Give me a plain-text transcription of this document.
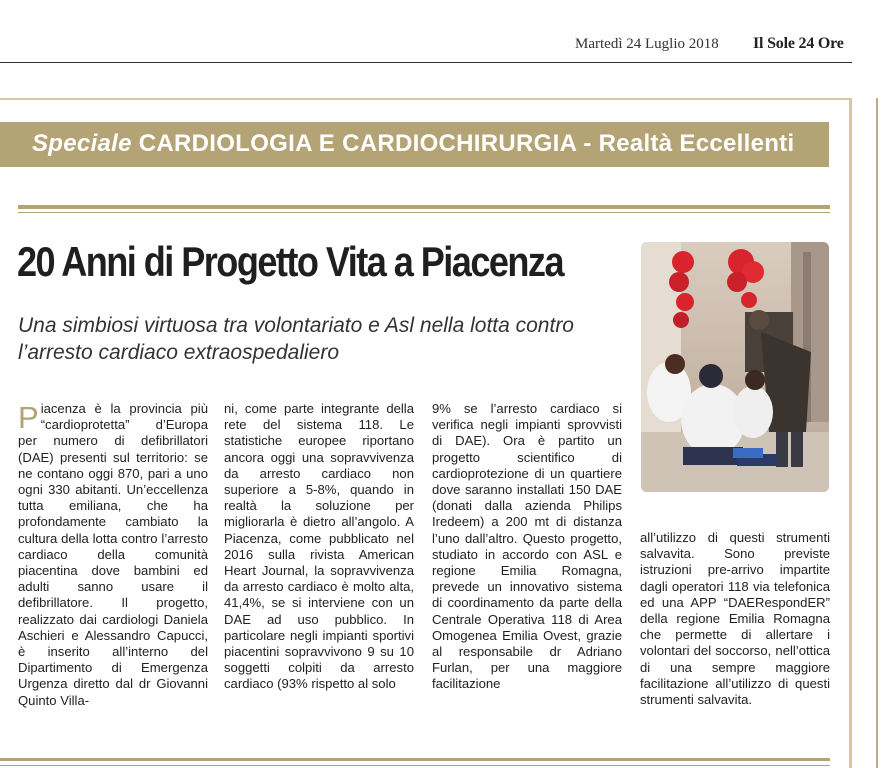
Martedì 24 Luglio 2018 Il Sole 24 Ore
Speciale CARDIOLOGIA E CARDIOCHIRURGIA - Realtà Eccellenti
20 Anni di Progetto Vita a Piacenza
Una simbiosi virtuosa tra volontariato e Asl nella lotta contro l’arresto cardiaco extraospedaliero
Piacenza è la provincia più “cardioprotetta” d’Europa per numero di defibrillatori (DAE) presenti sul territorio: se ne contano oggi 870, pari a uno ogni 330 abitanti. Un’eccellenza tutta emiliana, che ha profondamente cambiato la cultura della lotta contro l’arresto cardiaco della comunità piacentina dove bambini ed adulti sanno usare il defibrillatore. Il progetto, realizzato dai cardiologi Daniela Aschieri e Alessandro Capucci, è inserito all’interno del Dipartimento di Emergenza Urgenza diretto dal dr Giovanni Quinto Villa-
ni, come parte integrante della rete del sistema 118. Le statistiche europee riportano ancora oggi una sopravvivenza da arresto cardiaco non superiore a 5-8%, quando in realtà la soluzione per migliorarla è dietro all’angolo. A Piacenza, come pubblicato nel 2016 sulla rivista American Heart Journal, la sopravvivenza da arresto cardiaco è molto alta, 41,4%, se si interviene con un DAE ad uso pubblico. In particolare negli impianti sportivi piacentini sopravvivono 9 su 10 soggetti colpiti da arresto cardiaco (93% rispetto al solo
9% se l’arresto cardiaco si verifica negli impianti sprovvisti di DAE). Ora è partito un progetto scientifico di cardioprotezione di un quartiere dove saranno installati 150 DAE (donati dalla azienda Philips Iredeem) a 200 mt di distanza l’uno dall’altro. Questo progetto, studiato in accordo con ASL e regione Emilia Romagna, prevede un innovativo sistema di coordinamento da parte della Centrale Operativa 118 di Area Omogenea Emilia Ovest, grazie al responsabile dr Adriano Furlan, per una maggiore facilitazione
all’utilizzo di questi strumenti salvavita. Sono previste istruzioni pre-arrivo impartite dagli operatori 118 via telefonica ed una APP “DAERespondER” della regione Emilia Romagna che permette di allertare i volontari del soccorso, nell’ottica di una sempre maggiore facilitazione all’utilizzo di questi strumenti salvavita.
